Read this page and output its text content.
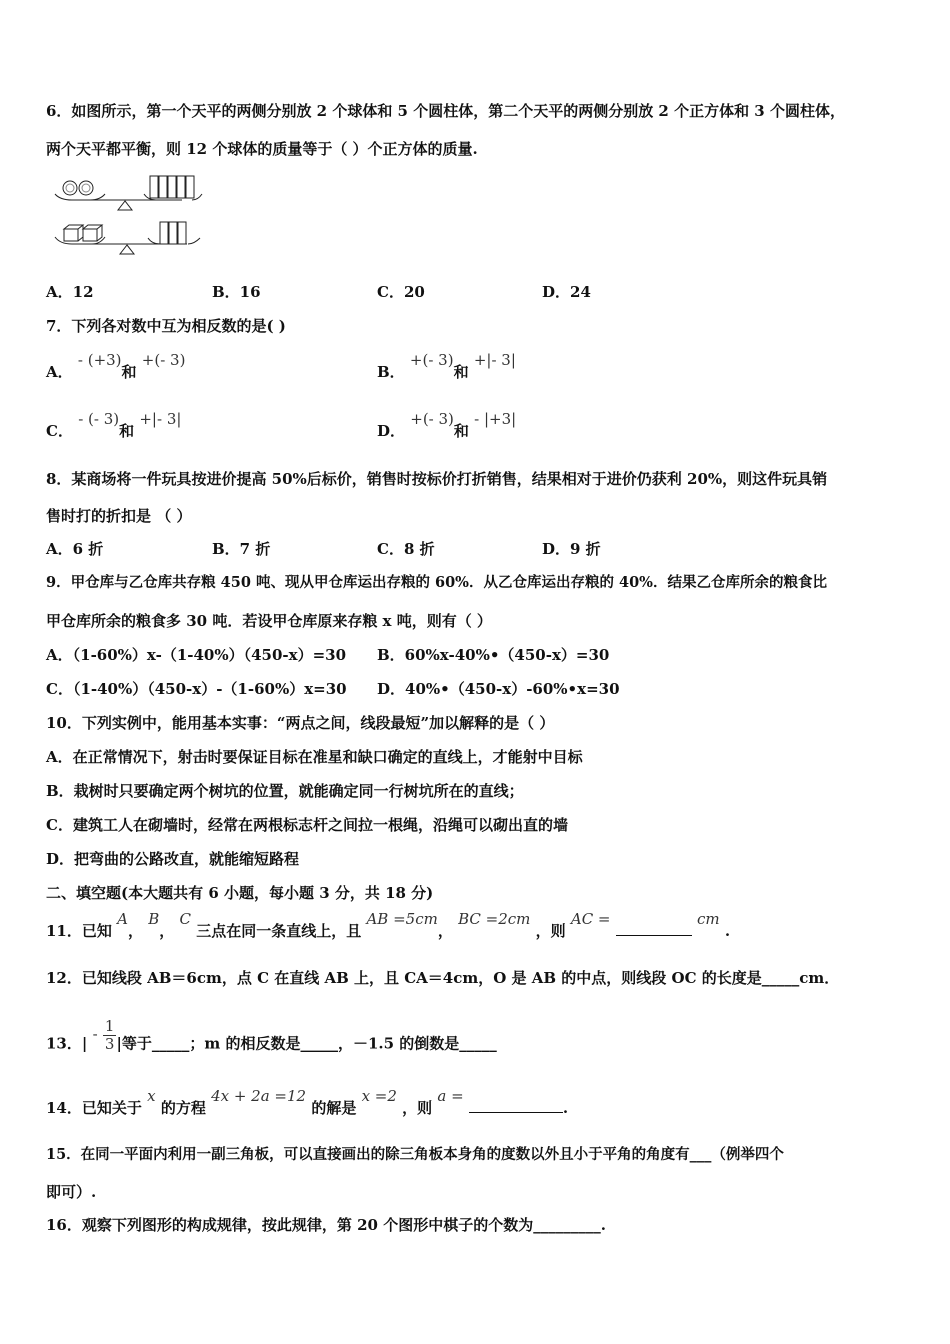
6．如图所示，第一个天平的两侧分别放 2 个球体和 5 个圆柱体，第二个天平的两侧分别放 2 个正方体和 3 个圆柱体，
两个天平都平衡，则 12 个球体的质量等于（ ）个正方体的质量.
A．12	B．16	C．20	D．24
7．下列各对数中互为相反数的是( )
A． - (+3)和 +(- 3)
B． +(- 3)和 +|- 3|
C． - (- 3)和 +|- 3|
D． +(- 3)和 - |+3|
8．某商场将一件玩具按进价提高 50%后标价，销售时按标价打折销售，结果相对于进价仍获利 20%，则这件玩具销
售时打的折扣是 （ ）
A．6 折	B．7 折	C．8 折	D．9 折
9．甲仓库与乙仓库共存粮 450 吨、现从甲仓库运出存粮的 60%．从乙仓库运出存粮的 40%．结果乙仓库所余的粮食比
甲仓库所余的粮食多 30 吨．若设甲仓库原来存粮 x 吨，则有（ ）
A．（1-60%）x-（1-40%）（450-x）=30 B．60%x-40%•（450-x）=30
C．（1-40%）（450-x）-（1-60%）x=30 D．40%•（450-x）-60%•x=30
10．下列实例中，能用基本实事：“两点之间，线段最短”加以解释的是（ ）
A．在正常情况下，射击时要保证目标在准星和缺口确定的直线上，才能射中目标
B．栽树时只要确定两个树坑的位置，就能确定同一行树坑所在的直线；
C．建筑工人在砌墙时，经常在两根标志杆之间拉一根绳，沿绳可以砌出直的墙
D．把弯曲的公路改直，就能缩短路程
二、填空题(本大题共有 6 小题，每小题 3 分，共 18 分)
11．已知 A， B， C 三点在同一条直线上，且 AB =5cm， BC =2cm ，则 AC =	cm .
12．已知线段 AB＝6cm，点 C 在直线 AB 上，且 CA＝4cm，O 是 AB 的中点，则线段 OC 的长度是_____cm．
13．| - $\frac{1}{3}$ |等于_____；m 的相反数是_____，－1.5 的倒数是_____
14．已知关于 x 的方程 4x + 2a =12 的解是 x =2 ，则 a = .
15．在同一平面内利用一副三角板，可以直接画出的除三角板本身角的度数以外且小于平角的角度有___（例举四个
即可）.
16．观察下列图形的构成规律，按此规律，第 20 个图形中棋子的个数为_________.
